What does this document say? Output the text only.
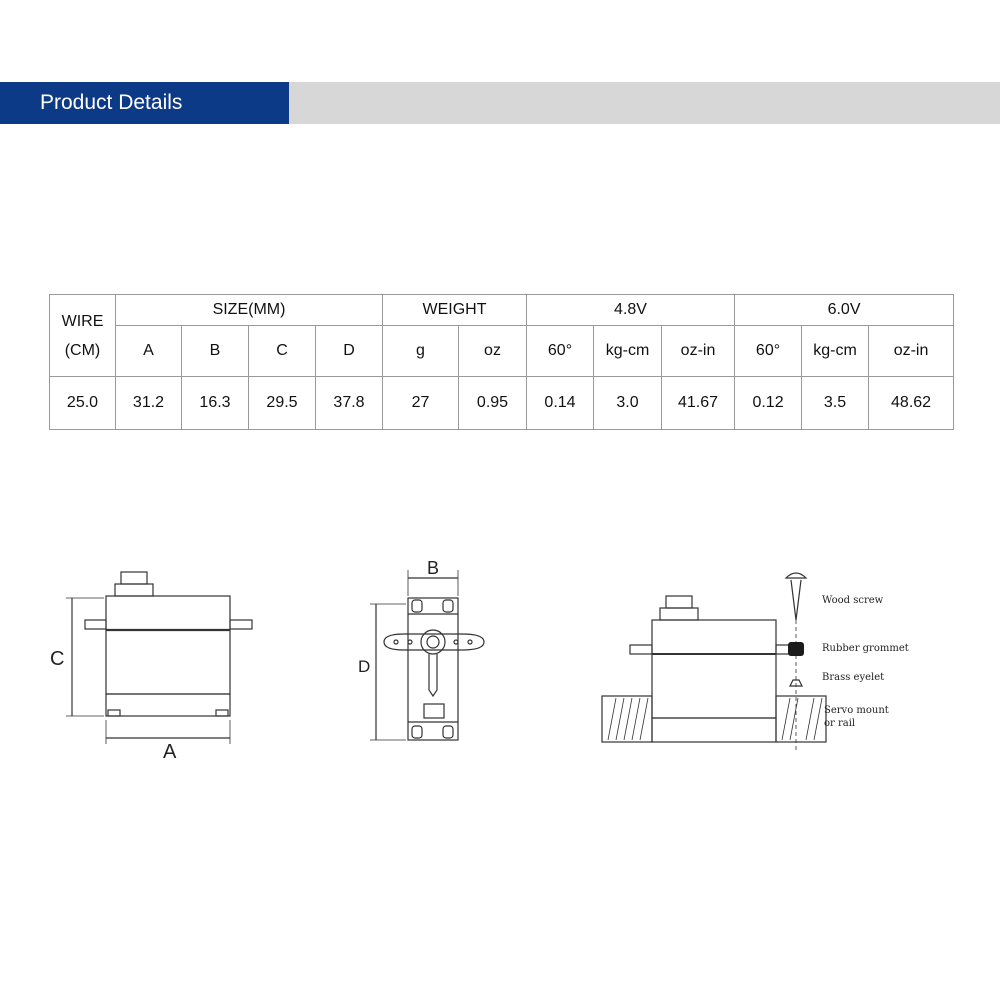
Product Details
WIRE
(CM)	SIZE(MM)				WEIGHT		4.8V			6.0V		
	A	B	C	D	g	oz	60°	kg-cm	oz-in	60°	kg-cm	oz-in
25.0	31.2	16.3	29.5	37.8	27	0.95	0.14	3.0	41.67	0.12	3.5	48.62
C
A
B
D
Wood screw
Rubber grommet
Brass eyelet
Servo mount
or rail
